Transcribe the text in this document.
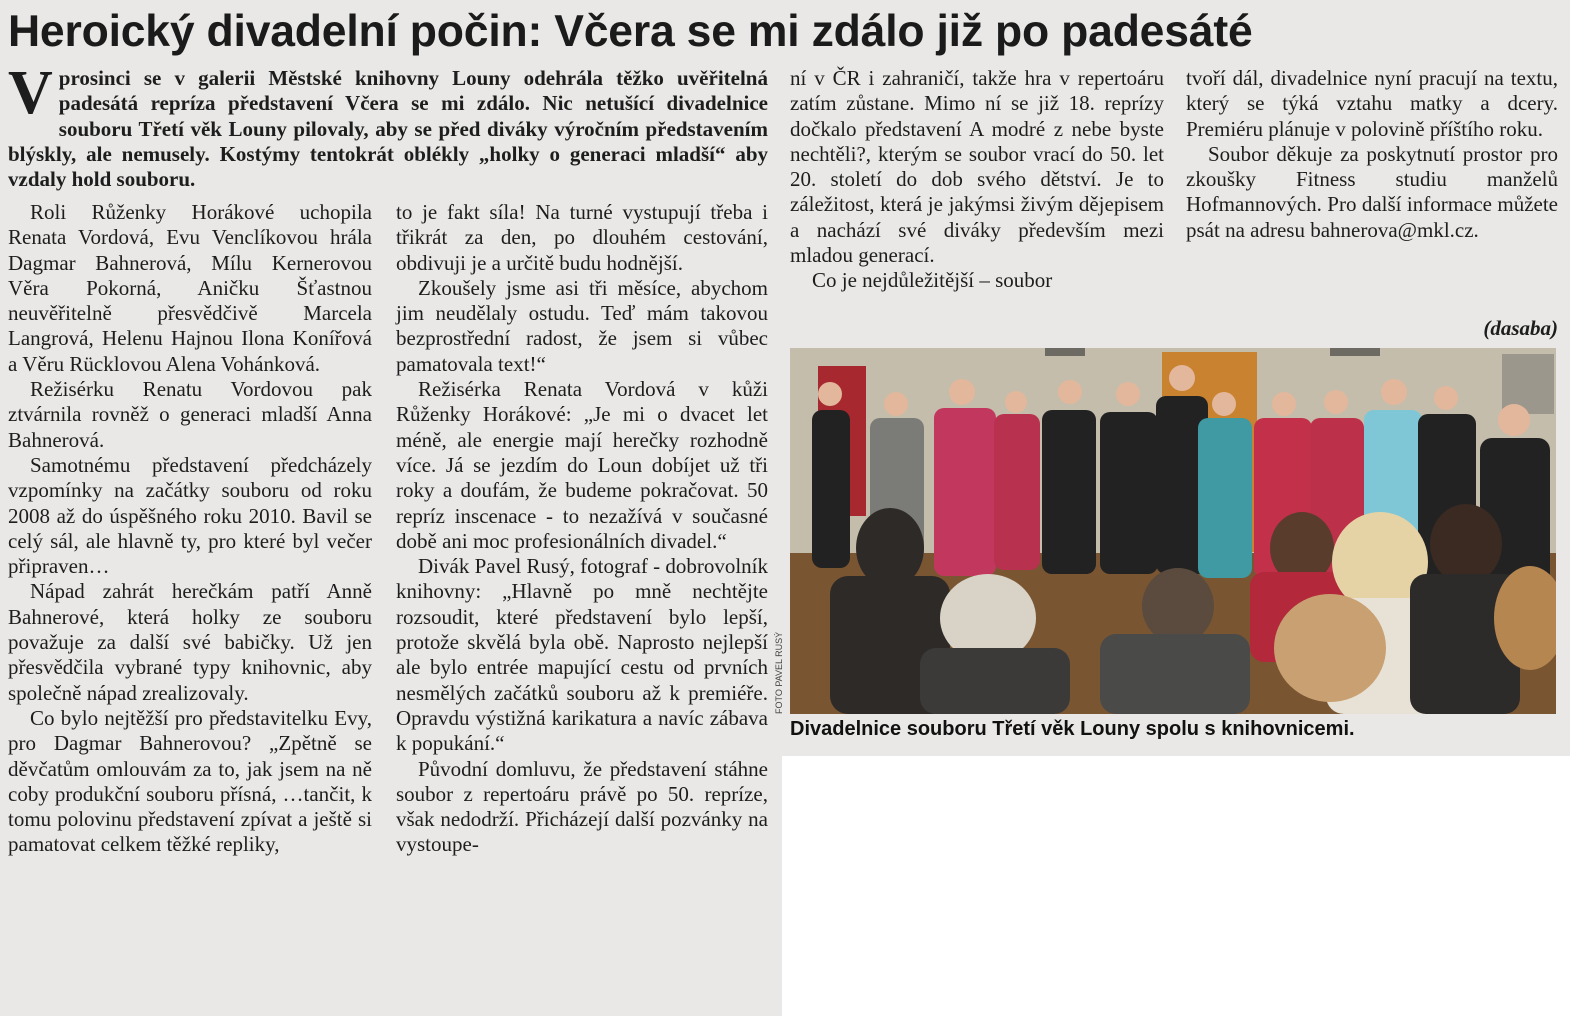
Heroický divadelní počin: Včera se mi zdálo již po padesáté

V prosinci se v galerii Městské knihovny Louny odehrála těžko uvěřitelná padesátá repríza představení Včera se mi zdálo. Nic netušící divadelnice souboru Třetí věk Louny pilovaly, aby se před diváky výročním představením blýskly, ale nemusely. Kostýmy tentokrát oblékly „holky o generaci mladší“ aby vzdaly hold souboru.

Roli Růženky Horákové uchopila Renata Vordová, Evu Venclíkovou hrála Dagmar Bahnerová, Mílu Kernerovou Věra Pokorná, Aničku Šťastnou neuvěřitelně přesvědčivě Marcela Langrová, Helenu Hajnou Ilona Konířová a Věru Rücklovou Alena Vohánková.

Režisérku Renatu Vordovou pak ztvárnila rovněž o generaci mladší Anna Bahnerová.

Samotnému představení předcházely vzpomínky na začátky souboru od roku 2008 až do úspěšného roku 2010. Bavil se celý sál, ale hlavně ty, pro které byl večer připraven…

Nápad zahrát herečkám patří Anně Bahnerové, která holky ze souboru považuje za další své babičky. Už jen přesvědčila vybrané typy knihovnic, aby společně nápad zrealizovaly.

Co bylo nejtěžší pro představitelku Evy, pro Dagmar Bahnerovou? „Zpětně se děvčatům omlouvám za to, jak jsem na ně coby produkční souboru přísná, …tančit, k tomu polovinu představení zpívat a ještě si pamatovat celkem těžké repliky,

to je fakt síla! Na turné vystupují třeba i třikrát za den, po dlouhém cestování, obdivuji je a určitě budu hodnější.

Zkoušely jsme asi tři měsíce, abychom jim neudělaly ostudu. Teď mám takovou bezprostřední radost, že jsem si vůbec pamatovala text!“

Režisérka Renata Vordová v kůži Růženky Horákové: „Je mi o dvacet let méně, ale energie mají herečky rozhodně více. Já se jezdím do Loun dobíjet už tři roky a doufám, že budeme pokračovat. 50 repríz inscenace - to nezažívá v současné době ani moc profesionálních divadel.“

Divák Pavel Rusý, fotograf - dobrovolník knihovny: „Hlavně po mně nechtějte rozsoudit, které představení bylo lepší, protože skvělá byla obě. Naprosto nejlepší ale bylo entrée mapující cestu od prvních nesmělých začátků souboru až k premiéře. Opravdu výstižná karikatura a navíc zábava k popukání.“

Původní domluvu, že představení stáhne soubor z repertoáru právě po 50. repríze, však nedodrží. Přicházejí další pozvánky na vystoupe-

ní v ČR i zahraničí, takže hra v repertoáru zatím zůstane. Mimo ní se již 18. reprízy dočkalo představení A modré z nebe byste nechtěli?, kterým se soubor vrací do 50. let 20. století do dob svého dětství. Je to záležitost, která je jakýmsi živým dějepisem a nachází své diváky především mezi mladou generací.

Co je nejdůležitější – soubor

tvoří dál, divadelnice nyní pracují na textu, který se týká vztahu matky a dcery. Premiéru plánuje v polovině příštího roku.

Soubor děkuje za poskytnutí prostor pro zkoušky Fitness studiu manželů Hofmannových. Pro další informace můžete psát na adresu bahnerova@mkl.cz.

(dasaba)
FOTO PAVEL RUSÝ
Divadelnice souboru Třetí věk Louny spolu s knihovnicemi.
